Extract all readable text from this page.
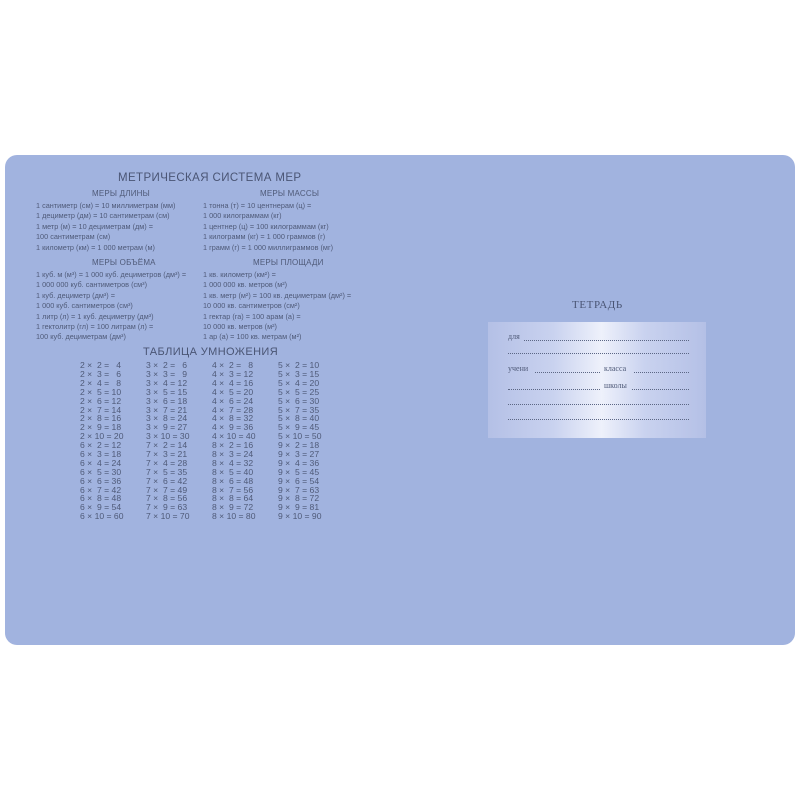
МЕТРИЧЕСКАЯ СИСТЕМА МЕР
МЕРЫ ДЛИНЫ
1 сантиметр (см) = 10 миллиметрам (мм)
1 дециметр (дм) = 10 сантиметрам (см)
1 метр (м) = 10 дециметрам (дм) =
100 сантиметрам (см)
1 километр (км) = 1 000 метрам (м)
МЕРЫ МАССЫ
1 тонна (т) = 10 центнерам (ц) =
1 000 килограммам (кг)
1 центнер (ц) = 100 килограммам (кг)
1 килограмм (кг) = 1 000 граммов (г)
1 грамм (г) = 1 000 миллиграммов (мг)
МЕРЫ ОБЪЁМА
1 куб. м (м³) = 1 000 куб. дециметров (дм³) =
1 000 000 куб. сантиметров (см³)
1 куб. дециметр (дм³) =
1 000 куб. сантиметров (см³)
1 литр (л) = 1 куб. дециметру (дм³)
1 гектолитр (гл) = 100 литрам (л) =
100 куб. дециметрам (дм³)
МЕРЫ ПЛОЩАДИ
1 кв. километр (км²) =
1 000 000 кв. метров (м²)
1 кв. метр (м²) = 100 кв. дециметрам (дм²) =
10 000 кв. сантиметров (см²)
1 гектар (га) = 100 арам (а) =
10 000 кв. метров (м²)
1 ар (а) = 100 кв. метрам (м²)
ТАБЛИЦА УМНОЖЕНИЯ
2 ×  2 =   4
2 ×  3 =   6
2 ×  4 =   8
2 ×  5 = 10
2 ×  6 = 12
2 ×  7 = 14
2 ×  8 = 16
2 ×  9 = 18
2 × 10 = 20
3 ×  2 =   6
3 ×  3 =   9
3 ×  4 = 12
3 ×  5 = 15
3 ×  6 = 18
3 ×  7 = 21
3 ×  8 = 24
3 ×  9 = 27
3 × 10 = 30
4 ×  2 =   8
4 ×  3 = 12
4 ×  4 = 16
4 ×  5 = 20
4 ×  6 = 24
4 ×  7 = 28
4 ×  8 = 32
4 ×  9 = 36
4 × 10 = 40
5 ×  2 = 10
5 ×  3 = 15
5 ×  4 = 20
5 ×  5 = 25
5 ×  6 = 30
5 ×  7 = 35
5 ×  8 = 40
5 ×  9 = 45
5 × 10 = 50
6 ×  2 = 12
6 ×  3 = 18
6 ×  4 = 24
6 ×  5 = 30
6 ×  6 = 36
6 ×  7 = 42
6 ×  8 = 48
6 ×  9 = 54
6 × 10 = 60
7 ×  2 = 14
7 ×  3 = 21
7 ×  4 = 28
7 ×  5 = 35
7 ×  6 = 42
7 ×  7 = 49
7 ×  8 = 56
7 ×  9 = 63
7 × 10 = 70
8 ×  2 = 16
8 ×  3 = 24
8 ×  4 = 32
8 ×  5 = 40
8 ×  6 = 48
8 ×  7 = 56
8 ×  8 = 64
8 ×  9 = 72
8 × 10 = 80
9 ×  2 = 18
9 ×  3 = 27
9 ×  4 = 36
9 ×  5 = 45
9 ×  6 = 54
9 ×  7 = 63
9 ×  8 = 72
9 ×  9 = 81
9 × 10 = 90
ТЕТРАДЬ
для
учени	класса
школы
